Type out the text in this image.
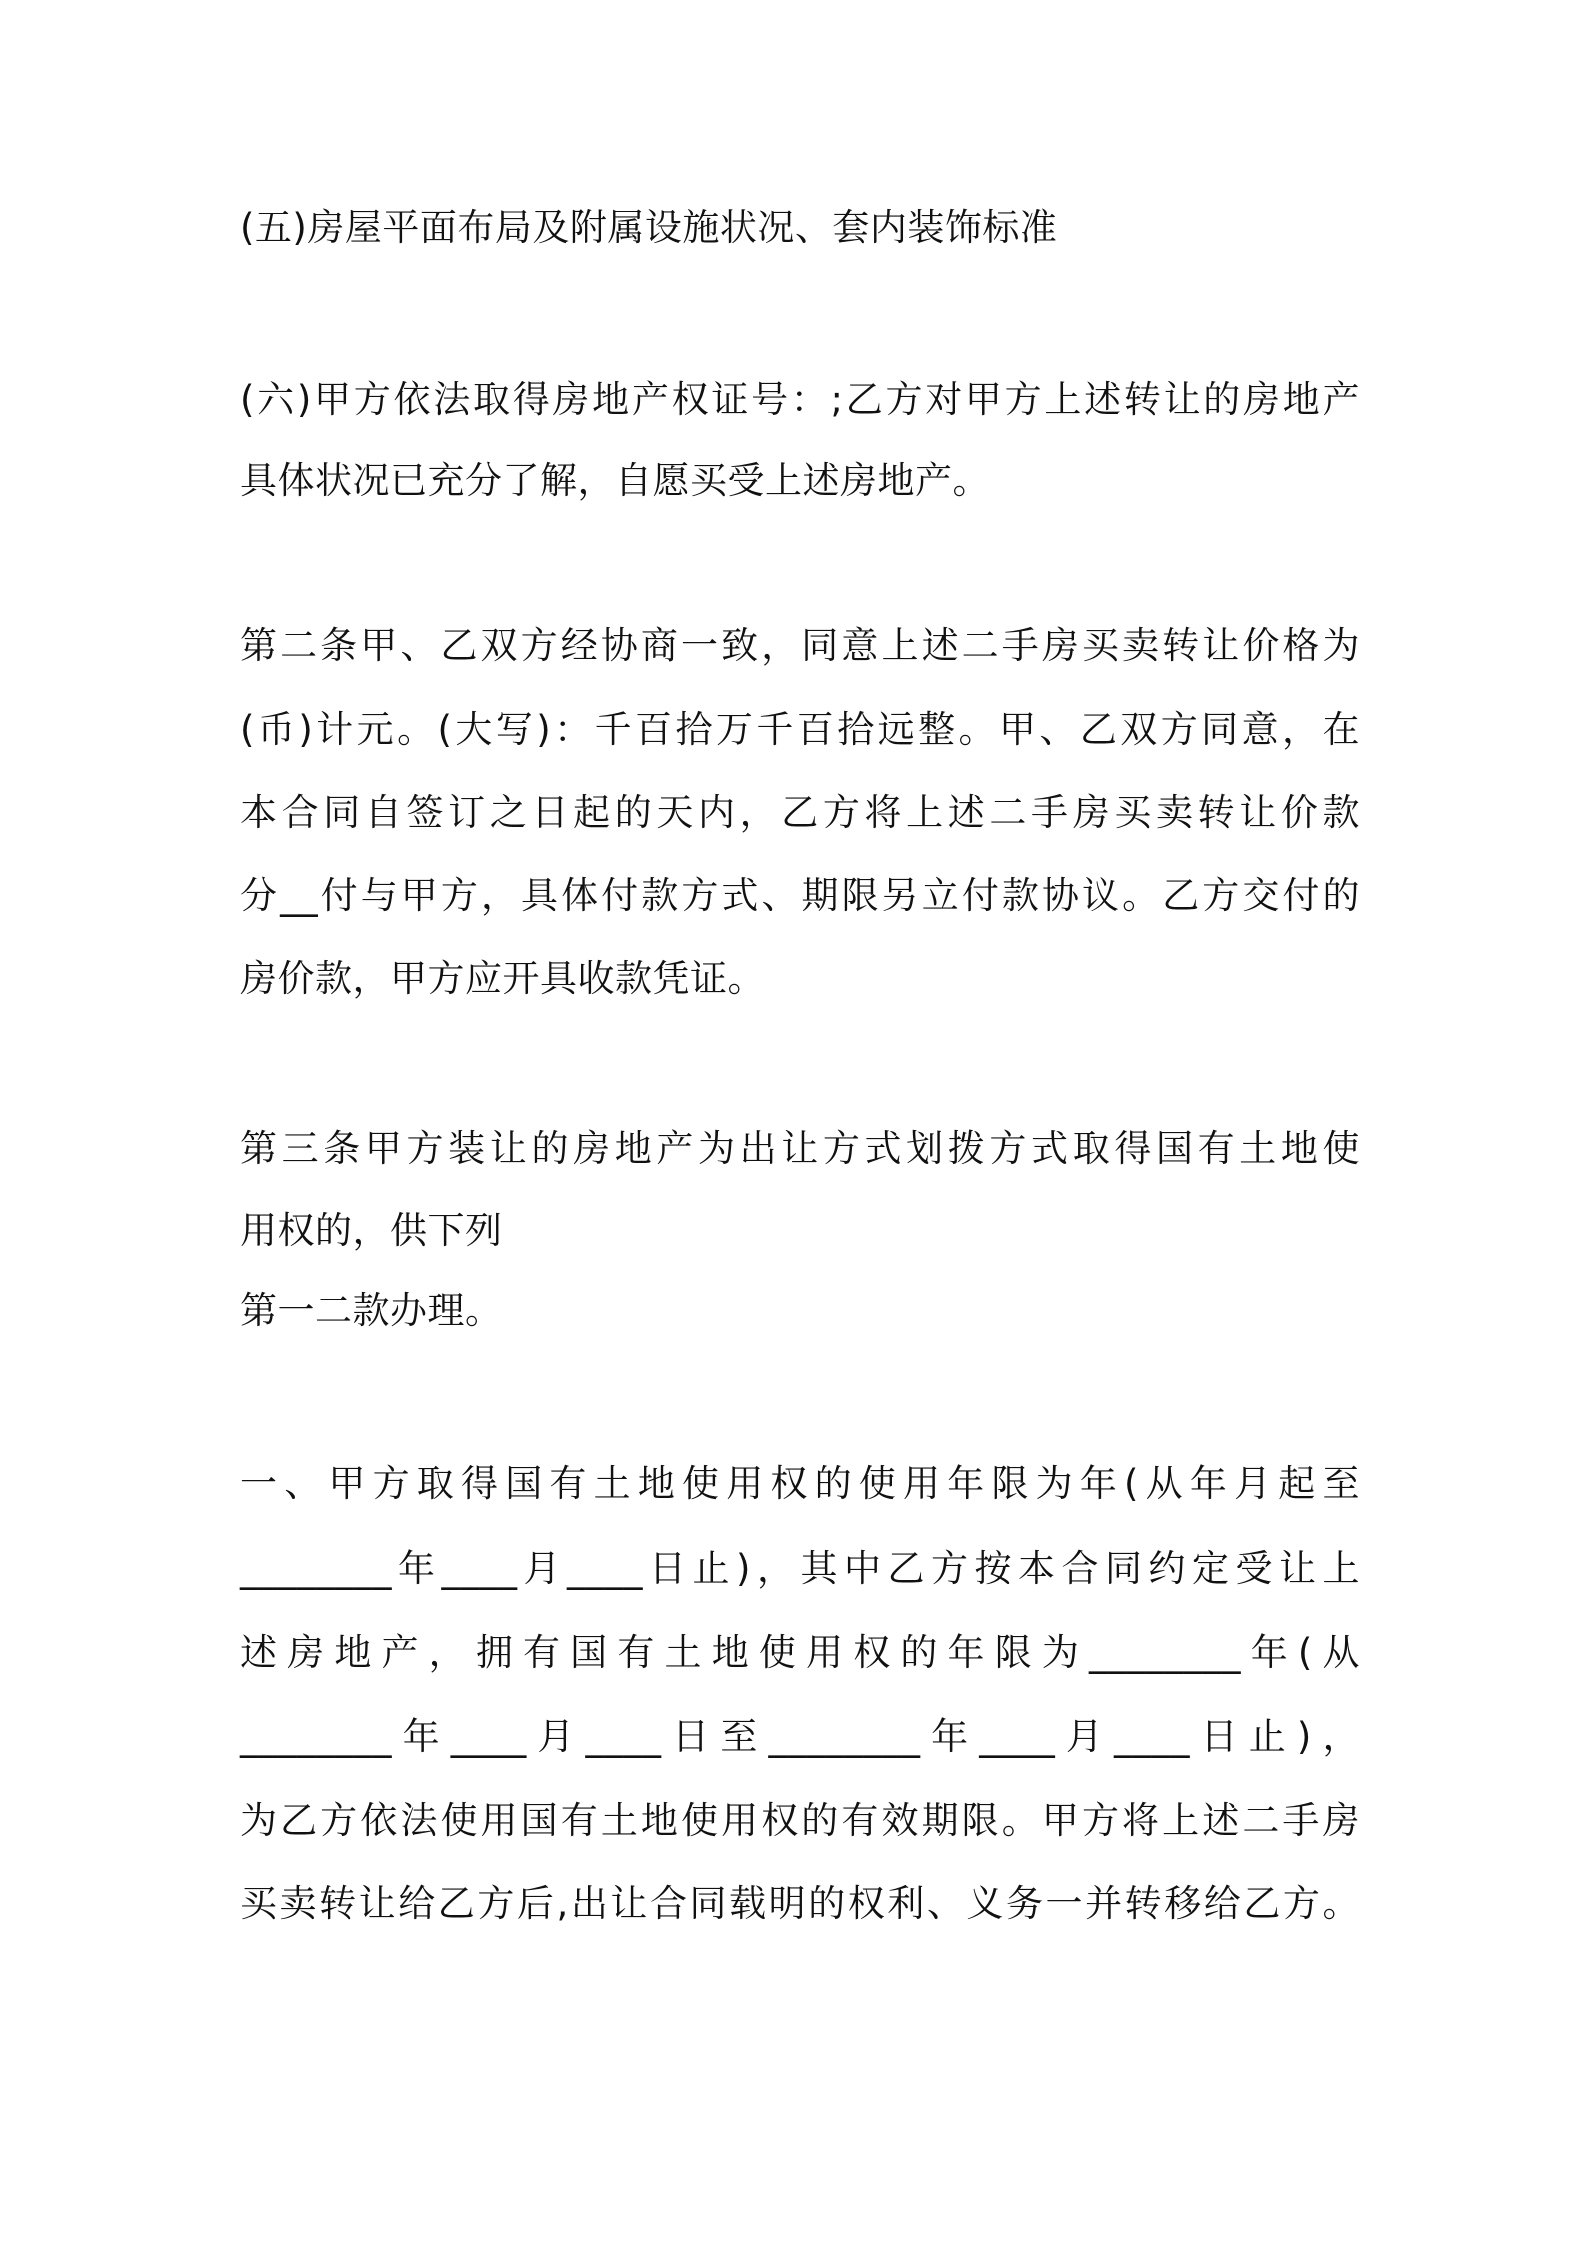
(五)房屋平面布局及附属设施状况、套内装饰标准
(六)甲方依法取得房地产权证号：;乙方对甲方上述转让的房地产
具体状况已充分了解，自愿买受上述房地产。
第二条甲、乙双方经协商一致，同意上述二手房买卖转让价格为
(币)计元。(大写)：千百拾万千百拾远整。甲、乙双方同意，在
本合同自签订之日起的天内，乙方将上述二手房买卖转让价款
分__付与甲方，具体付款方式、期限另立付款协议。乙方交付的
房价款，甲方应开具收款凭证。
第三条甲方装让的房地产为出让方式划拨方式取得国有土地使
用权的，供下列
第一二款办理。
一、甲方取得国有土地使用权的使用年限为年(从年月起至
________年____月____日止)，其中乙方按本合同约定受让上
述房地产，拥有国有土地使用权的年限为________年(从
________年____月____日至________年____月____日止)，
为乙方依法使用国有土地使用权的有效期限。甲方将上述二手房
买卖转让给乙方后,出让合同载明的权利、义务一并转移给乙方。
